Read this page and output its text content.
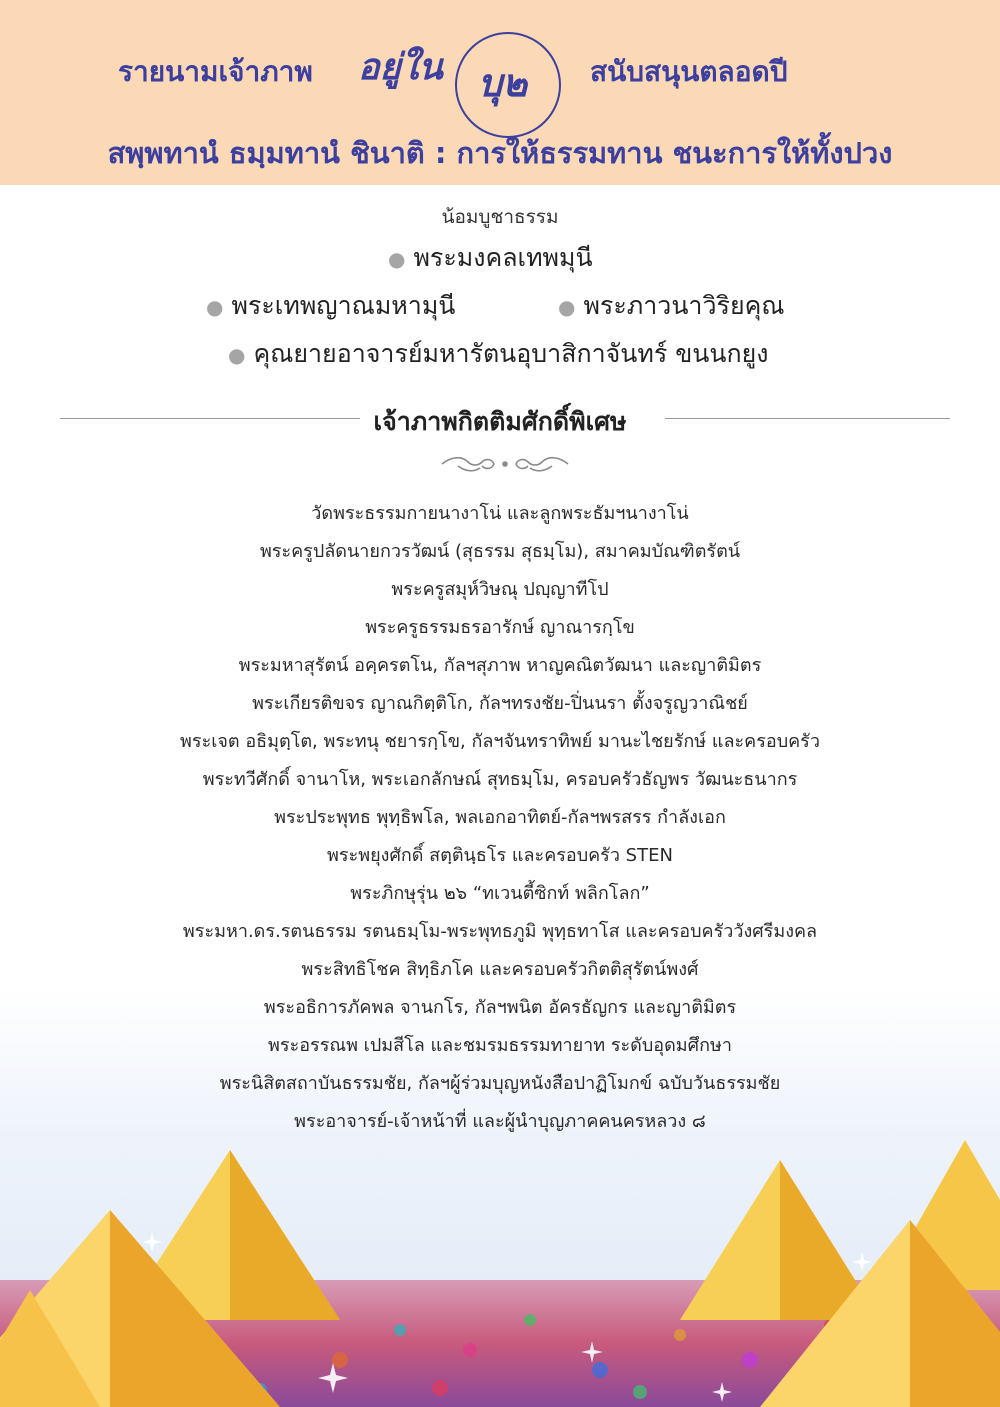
รายนามเจ้าภาพ อยู่ใน บุ๒ สนับสนุนตลอดปี
สพฺพทานํ ธมฺมทานํ ชินาติ : การให้ธรรมทาน ชนะการให้ทั้งปวง
น้อมบูชาธรรม
● พระมงคลเทพมุนี
● พระเทพญาณมหามุนี	● พระภาวนาวิริยคุณ
● คุณยายอาจารย์มหารัตนอุบาสิกาจันทร์ ขนนกยูง
เจ้าภาพกิตติมศักดิ์พิเศษ
วัดพระธรรมกายนางาโน่ และลูกพระธัมฯนางาโน่
พระครูปลัดนายกวรวัฒน์ (สุธรรม สุธมฺโม), สมาคมบัณฑิตรัตน์
พระครูสมุห์วิษณุ ปญฺญาทีโป
พระครูธรรมธรอารักษ์ ญาณารกฺโข
พระมหาสุรัตน์ อคฺครตโน, กัลฯสุภาพ หาญคณิตวัฒนา และญาติมิตร
พระเกียรติขจร ญาณกิตฺติโก, กัลฯทรงชัย-ปิ่นนรา ตั้งจรูญวาณิชย์
พระเจต อธิมุตฺโต, พระทนุ ชยารกฺโข, กัลฯจันทราทิพย์ มานะไชยรักษ์ และครอบครัว
พระทวีศักดิ์ จานาโห, พระเอกลักษณ์ สุทธมฺโม, ครอบครัวธัญพร วัฒนะธนากร
พระประพุทธ พุทฺธิพโล, พลเอกอาทิตย์-กัลฯพรสรร กำลังเอก
พระพยุงศักดิ์ สตฺตินฺธโร และครอบครัว STEN
พระภิกษุรุ่น ๒๖ “ทเวนตี้ซิกท์ พลิกโลก”
พระมหา.ดร.รตนธรรม รตนธมฺโม-พระพุทธภูมิ พุทฺธทาโส และครอบครัววังศรีมงคล
พระสิทธิโชค สิทฺธิภโค และครอบครัวกิตติสุรัตน์พงศ์
พระอธิการภัคพล จานกโร, กัลฯพนิต อัครธัญกร และญาติมิตร
พระอรรณพ เปมสีโล และชมรมธรรมทายาท ระดับอุดมศึกษา
พระนิสิตสถาบันธรรมชัย, กัลฯผู้ร่วมบุญหนังสือปาฏิโมกข์ ฉบับวันธรรมชัย
พระอาจารย์-เจ้าหน้าที่ และผู้นำบุญภาคคนครหลวง ๘
